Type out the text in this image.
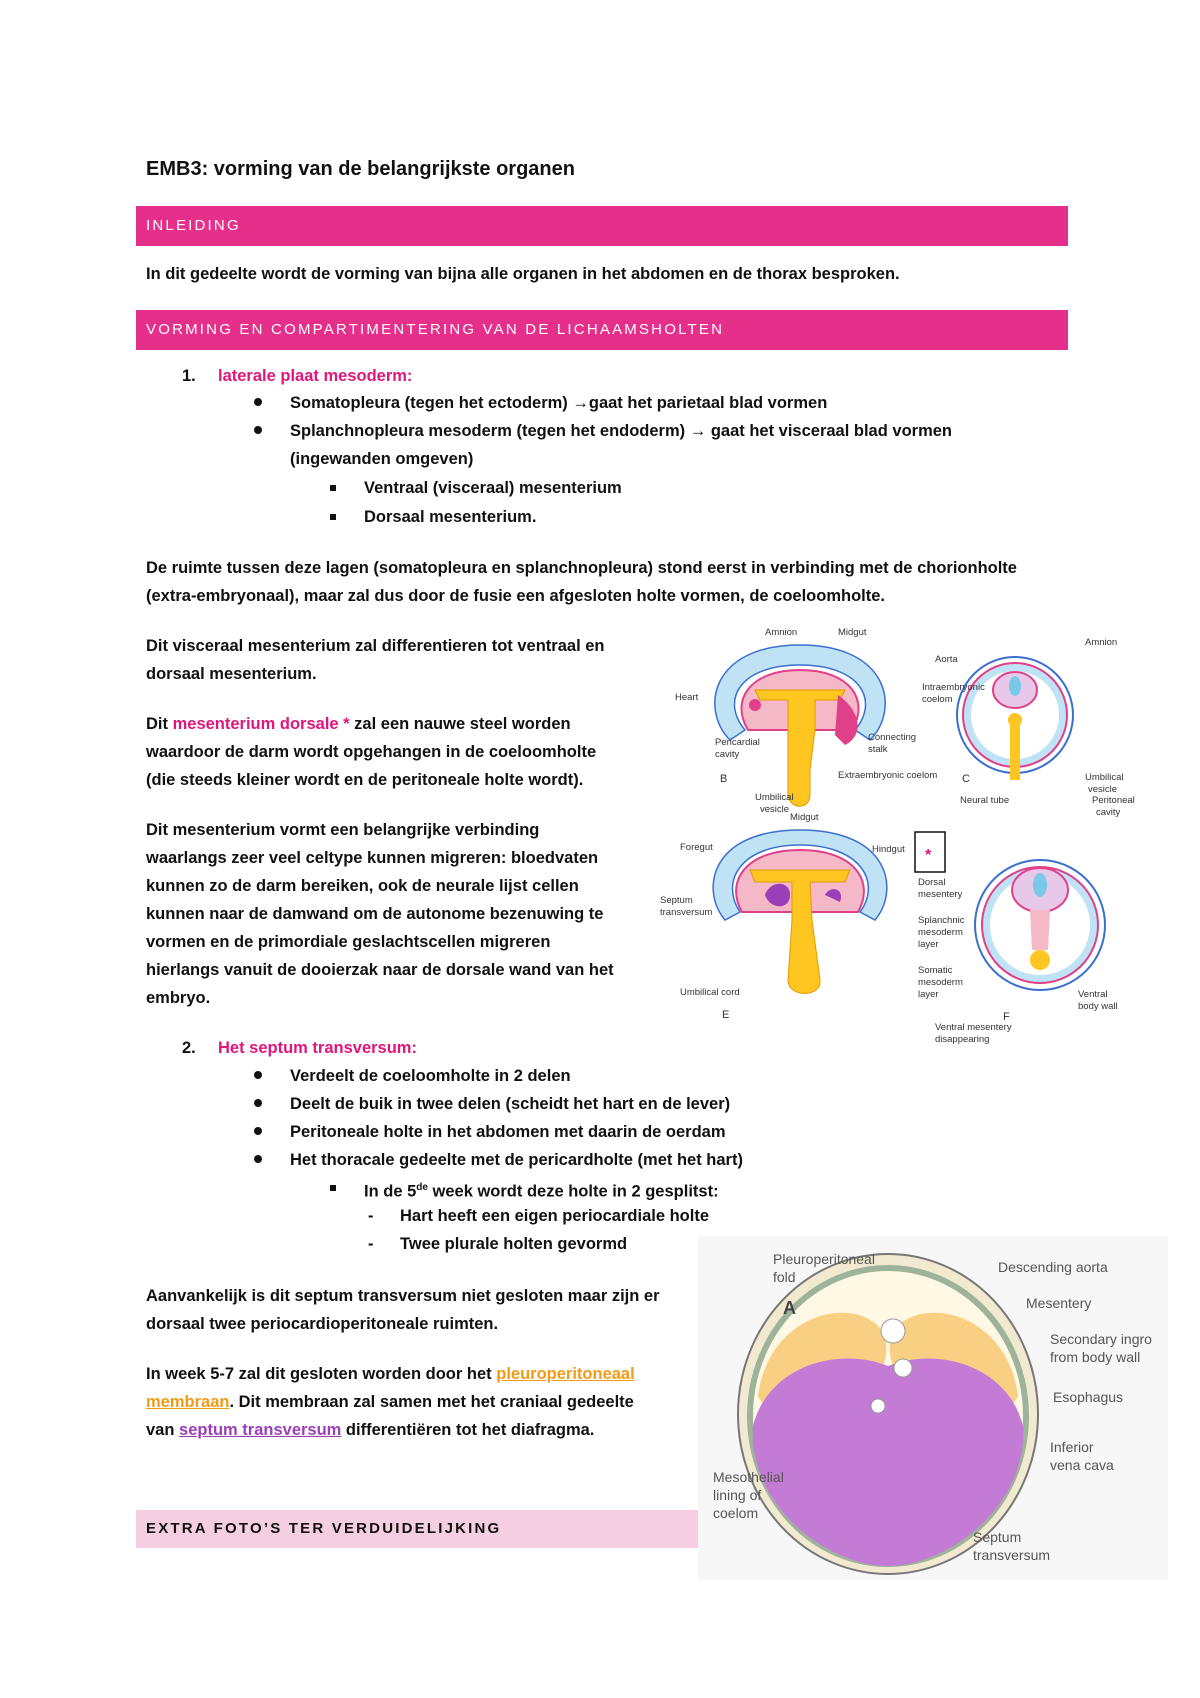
EMB3: vorming van de belangrijkste organen
INLEIDING
In dit gedeelte wordt de vorming van bijna alle organen in het abdomen en de thorax besproken.
VORMING EN COMPARTIMENTERING VAN DE LICHAAMSHOLTEN
1. laterale plaat mesoderm:
Somatopleura (tegen het ectoderm) →gaat het parietaal blad vormen
Splanchnopleura mesoderm (tegen het endoderm) → gaat het visceraal blad vormen
(ingewanden omgeven)
Ventraal (visceraal) mesenterium
Dorsaal mesenterium.
De ruimte tussen deze lagen (somatopleura en splanchnopleura) stond eerst in verbinding met de chorionholte
(extra-embryonaal), maar zal dus door de fusie een afgesloten holte vormen, de coeloomholte.
Dit visceraal mesenterium zal differentieren tot ventraal en
dorsaal mesenterium.
Dit mesenterium dorsale * zal een nauwe steel worden
waardoor de darm wordt opgehangen in de coeloomholte
(die steeds kleiner wordt en de peritoneale holte wordt).
Dit mesenterium vormt een belangrijke verbinding
waarlangs zeer veel celtype kunnen migreren: bloedvaten
kunnen zo de darm bereiken, ook de neurale lijst cellen
kunnen naar de damwand om de autonome bezenuwing te
vormen en de primordiale geslachtscellen migreren
hierlangs vanuit de dooierzak naar de dorsale wand van het
embryo.
2. Het septum transversum:
Verdeelt de coeloomholte in 2 delen
Deelt de buik in twee delen (scheidt het hart en de lever)
Peritoneale holte in het abdomen met daarin de oerdam
Het thoracale gedeelte met de pericardholte (met het hart)
In de 5de week wordt deze holte in 2 gesplitst:
- Hart heeft een eigen periocardiale holte
- Twee plurale holten gevormd
Aanvankelijk is dit septum transversum niet gesloten maar zijn er
dorsaal twee periocardioperitoneale ruimten.
In week 5-7 zal dit gesloten worden door het pleuroperitoneaal
membraan. Dit membraan zal samen met het craniaal gedeelte
van septum transversum differentiëren tot het diafragma.
EXTRA FOTO’S TER VERDUIDELIJKING
Amnion	Midgut
Heart
Pericardial
cavity
Connecting
stalk
Extraembryonic coelom
Umbilical
vesicle
B
Aorta
Intraembryonic
coelom
Amnion
Umbilical
vesicle
C
Midgut
Foregut	Hindgut
Septum
transversum
Umbilical cord
E
*
Neural tube	Peritoneal
cavity
Dorsal
mesentery
Splanchnic
mesoderm
layer
Somatic
mesoderm
layer	Ventral
body wall
Ventral mesentery
disappearing
F
Pleuroperitoneal
fold
A
Descending aorta
Mesentery
Secondary ingro
from body wall
Esophagus
Inferior
vena cava
Mesothelial
lining of
coelom
Septum
transversum
